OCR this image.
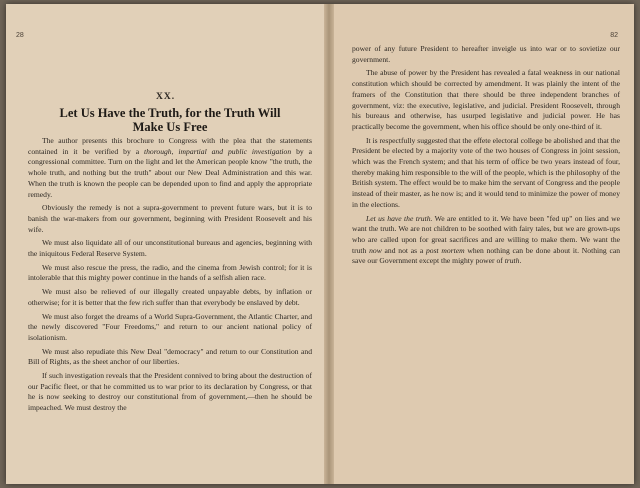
28
XX.
Let Us Have the Truth, for the Truth Will
Make Us Free

The author presents this brochure to Congress with the plea that the statements contained in it be verified by a thorough, impartial and public investigation by a congressional committee. Turn on the light and let the American people know "the truth, the whole truth, and nothing but the truth" about our New Deal Administration and this war. When the truth is known the people can be depended upon to find and apply the appropriate remedy.

Obviously the remedy is not a supra-government to prevent future wars, but it is to banish the war-makers from our government, beginning with President Roosevelt and his wife.

We must also liquidate all of our unconstitutional bureaus and agencies, beginning with the iniquitous Federal Reserve System.

We must also rescue the press, the radio, and the cinema from Jewish control; for it is intolerable that this mighty power continue in the hands of a selfish alien race.

We must also be relieved of our illegally created unpayable debts, by inflation or otherwise; for it is better that the few rich suffer than that everybody be enslaved by debt.

We must also forget the dreams of a World Supra-Government, the Atlantic Charter, and the newly discovered "Four Freedoms," and return to our ancient national policy of isolationism.

We must also repudiate this New Deal "democracy" and return to our Constitution and Bill of Rights, as the sheet anchor of our liberties.

If such investigation reveals that the President connived to bring about the destruction of our Pacific fleet, or that he committed us to war prior to its declaration by Congress, or that he is now seeking to destroy our constitutional from of government,—then he should be impeached. We must destroy the

82

power of any future President to hereafter inveigle us into war or to sovietize our government.

The abuse of power by the President has revealed a fatal weakness in our national constitution which should be corrected by amendment. It was plainly the intent of the framers of the Constitution that there should be three independent branches of government, viz: the executive, legislative, and judicial. President Roosevelt, through his bureaus and otherwise, has usurped legislative and judicial power. He has practically become the government, when his office should be only one-third of it.

It is respectfully suggested that the effete electoral college be abolished and that the President be elected by a majority vote of the two houses of Congress in joint session, which was the French system; and that his term of office be two years instead of four, thereby making him responsible to the will of the people, which is the philosophy of the British system. The effect would be to make him the servant of Congress and the people instead of their master, as he now is; and it would tend to minimize the power of money in the elections.

Let us have the truth. We are entitled to it. We have been "fed up" on lies and we want the truth. We are not children to be soothed with fairy tales, but we are grown-ups who are called upon for great sacrifices and are willing to make them. We want the truth now and not as a post mortem when nothing can be done about it. Nothing can save our Government except the mighty power of truth.
